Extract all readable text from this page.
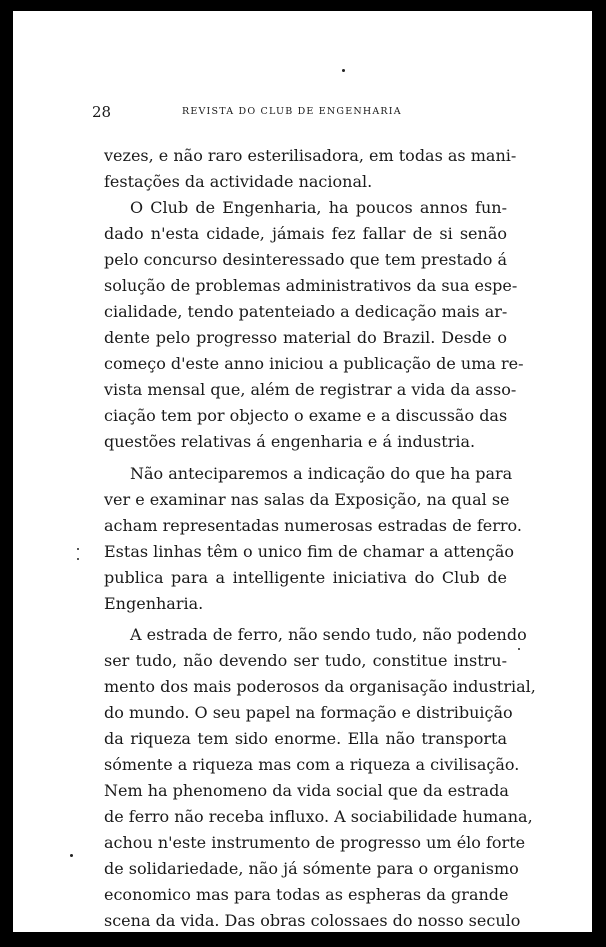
28	REVISTA DO CLUB DE ENGENHARIA
vezes, e não raro esterilisadora, em todas as mani-
festações da actividade nacional.
O Club de Engenharia, ha poucos annos fun-
dado n'esta cidade, jámais fez fallar de si senão
pelo concurso desinteressado que tem prestado á
solução de problemas administrativos da sua espe-
cialidade, tendo patenteiado a dedicação mais ar-
dente pelo progresso material do Brazil. Desde o
começo d'este anno iniciou a publicação de uma re-
vista mensal que, além de registrar a vida da asso-
ciação tem por objecto o exame e a discussão das
questões relativas á engenharia e á industria.
Não anteciparemos a indicação do que ha para
ver e examinar nas salas da Exposição, na qual se
acham representadas numerosas estradas de ferro.
Estas linhas têm o unico fim de chamar a attenção
publica para a intelligente iniciativa do Club de
Engenharia.
A estrada de ferro, não sendo tudo, não podendo
ser tudo, não devendo ser tudo, constitue instru-
mento dos mais poderosos da organisação industrial,
do mundo. O seu papel na formação e distribuição
da riqueza tem sido enorme. Ella não transporta
sómente a riqueza mas com a riqueza a civilisação.
Nem ha phenomeno da vida social que da estrada
de ferro não receba influxo. A sociabilidade humana,
achou n'este instrumento de progresso um élo forte
de solidariedade, não já sómente para o organismo
economico mas para todas as espheras da grande
scena da vida. Das obras colossaes do nosso seculo
